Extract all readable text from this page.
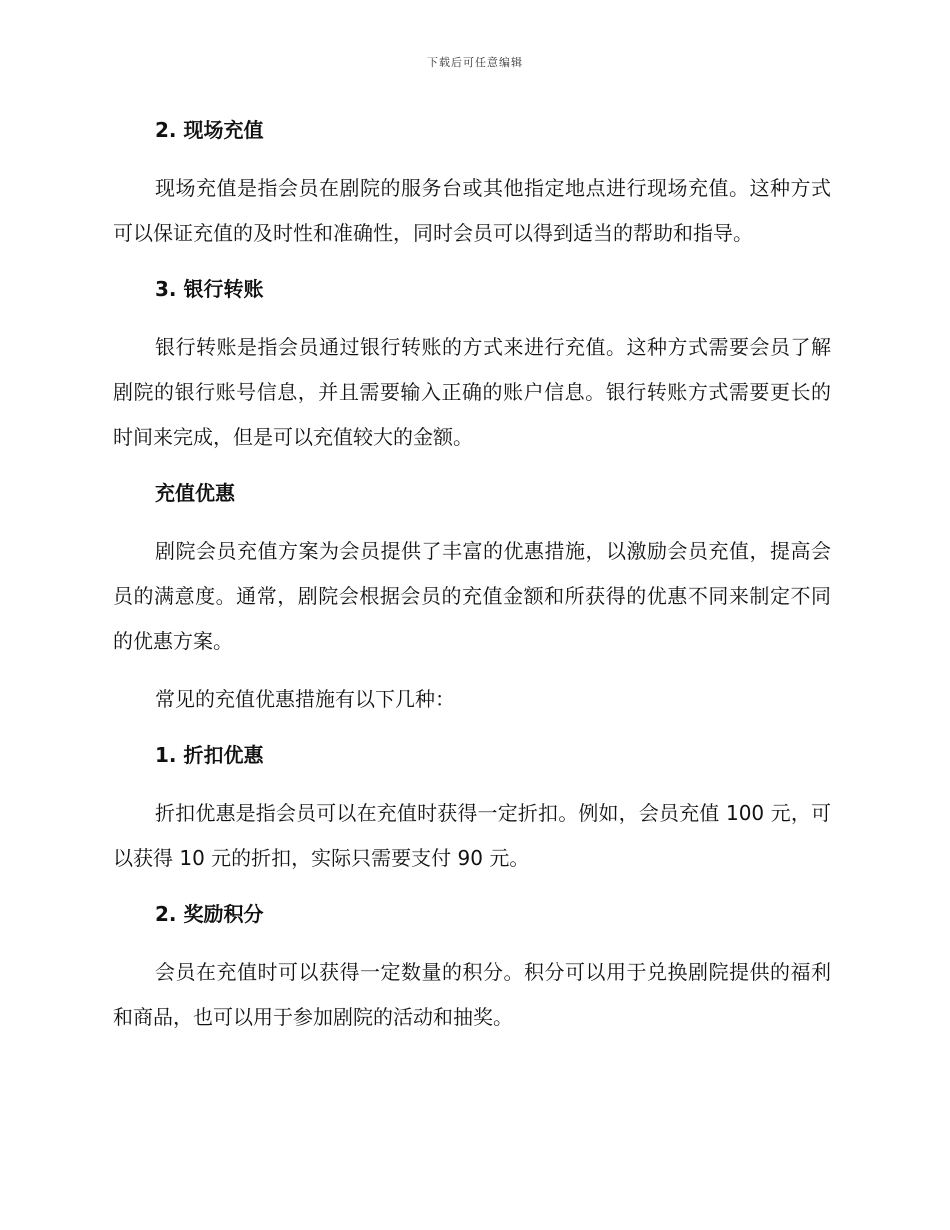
下载后可任意编辑
2. 现场充值

现场充值是指会员在剧院的服务台或其他指定地点进行现场充值。这种方式可以保证充值的及时性和准确性，同时会员可以得到适当的帮助和指导。

3. 银行转账

银行转账是指会员通过银行转账的方式来进行充值。这种方式需要会员了解剧院的银行账号信息，并且需要输入正确的账户信息。银行转账方式需要更长的时间来完成，但是可以充值较大的金额。

充值优惠

剧院会员充值方案为会员提供了丰富的优惠措施，以激励会员充值，提高会员的满意度。通常，剧院会根据会员的充值金额和所获得的优惠不同来制定不同的优惠方案。

常见的充值优惠措施有以下几种：

1. 折扣优惠

折扣优惠是指会员可以在充值时获得一定折扣。例如，会员充值 100 元，可以获得 10 元的折扣，实际只需要支付 90 元。

2. 奖励积分

会员在充值时可以获得一定数量的积分。积分可以用于兑换剧院提供的福利和商品，也可以用于参加剧院的活动和抽奖。
